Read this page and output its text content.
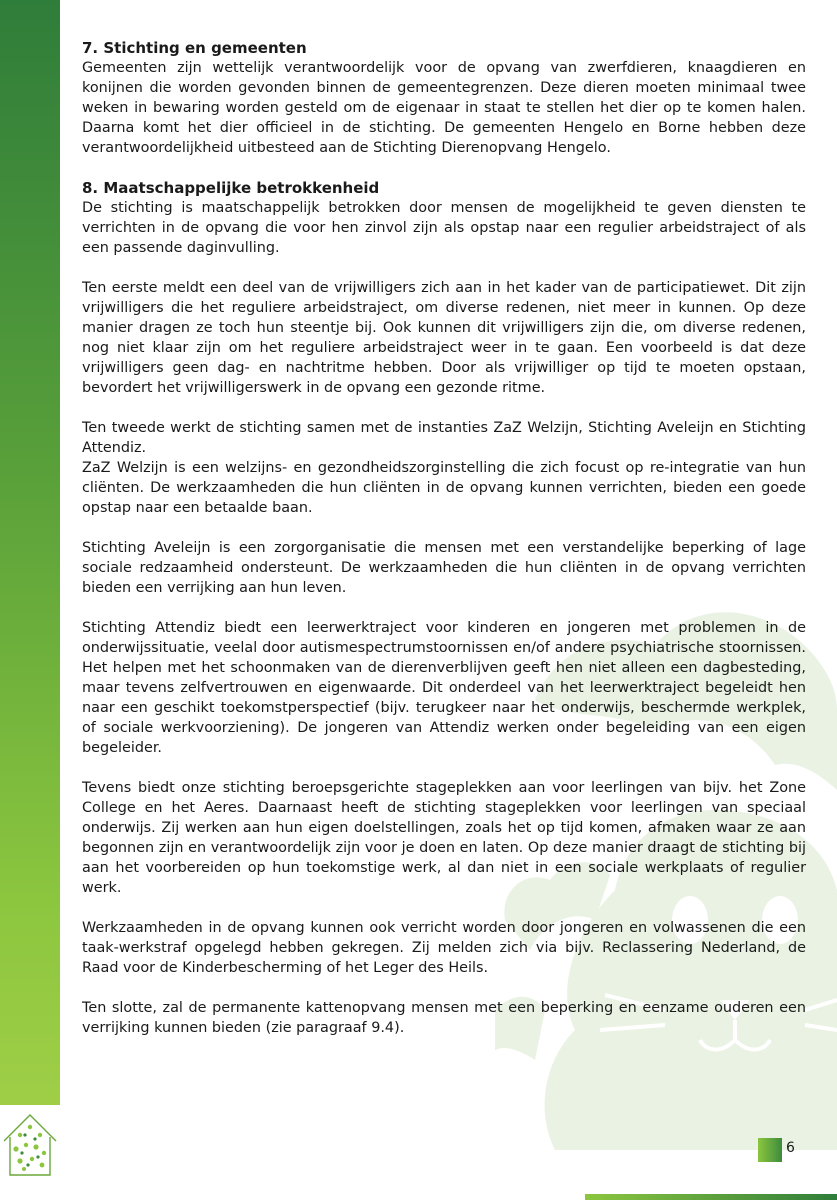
7. Stichting en gemeenten

Gemeenten zijn wettelijk verantwoordelijk voor de opvang van zwerfdieren, knaagdieren en konijnen die worden gevonden binnen de gemeentegrenzen. Deze dieren moeten minimaal twee weken in bewaring worden gesteld om de eigenaar in staat te stellen het dier op te komen halen. Daarna komt het dier officieel in de stichting. De gemeenten Hengelo en Borne hebben deze verantwoordelijkheid uitbesteed aan de Stichting Dierenopvang Hengelo.

8. Maatschappelijke betrokkenheid

De stichting is maatschappelijk betrokken door mensen de mogelijkheid te geven diensten te verrichten in de opvang die voor hen zinvol zijn als opstap naar een regulier arbeidstraject of als een passende daginvulling.

Ten eerste meldt een deel van de vrijwilligers zich aan in het kader van de participatiewet. Dit zijn vrijwilligers die het reguliere arbeidstraject, om diverse redenen, niet meer in kunnen. Op deze manier dragen ze toch hun steentje bij. Ook kunnen dit vrijwilligers zijn die, om diverse redenen, nog niet klaar zijn om het reguliere arbeidstraject weer in te gaan. Een voorbeeld is dat deze vrijwilligers geen dag- en nachtritme hebben. Door als vrijwilliger op tijd te moeten opstaan, bevordert het vrijwilligerswerk in de opvang een gezonde ritme.

Ten tweede werkt de stichting samen met de instanties ZaZ Welzijn, Stichting Aveleijn en Stichting Attendiz.

ZaZ Welzijn is een welzijns- en gezondheidszorginstelling die zich focust op re-integratie van hun cliënten. De werkzaamheden die hun cliënten in de opvang kunnen verrichten, bieden een goede opstap naar een betaalde baan.

Stichting Aveleijn is een zorgorganisatie die mensen met een verstandelijke beperking of lage sociale redzaamheid ondersteunt. De werkzaamheden die hun cliënten in de opvang verrichten bieden een verrijking aan hun leven.

Stichting Attendiz biedt een leerwerktraject voor kinderen en jongeren met problemen in de onderwijssituatie, veelal door autismespectrumstoornissen en/of andere psychiatrische stoornissen. Het helpen met het schoonmaken van de dierenverblijven geeft hen niet alleen een dagbesteding, maar tevens zelfvertrouwen en eigenwaarde. Dit onderdeel van het leerwerktraject begeleidt hen naar een geschikt toekomstperspectief (bijv. terugkeer naar het onderwijs, beschermde werkplek, of sociale werkvoorziening). De jongeren van Attendiz werken onder begeleiding van een eigen begeleider.

Tevens biedt onze stichting beroepsgerichte stageplekken aan voor leerlingen van bijv. het Zone College en het Aeres. Daarnaast heeft de stichting stageplekken voor leerlingen van speciaal onderwijs. Zij werken aan hun eigen doelstellingen, zoals het op tijd komen, afmaken waar ze aan begonnen zijn en verantwoordelijk zijn voor je doen en laten. Op deze manier draagt de stichting bij aan het voorbereiden op hun toekomstige werk, al dan niet in een sociale werkplaats of regulier werk.

Werkzaamheden in de opvang kunnen ook verricht worden door jongeren en volwassenen die een taak-werkstraf opgelegd hebben gekregen. Zij melden zich via bijv. Reclassering Nederland, de Raad voor de Kinderbescherming of het Leger des Heils.

Ten slotte, zal de permanente kattenopvang mensen met een beperking en eenzame ouderen een verrijking kunnen bieden (zie paragraaf 9.4).

6
